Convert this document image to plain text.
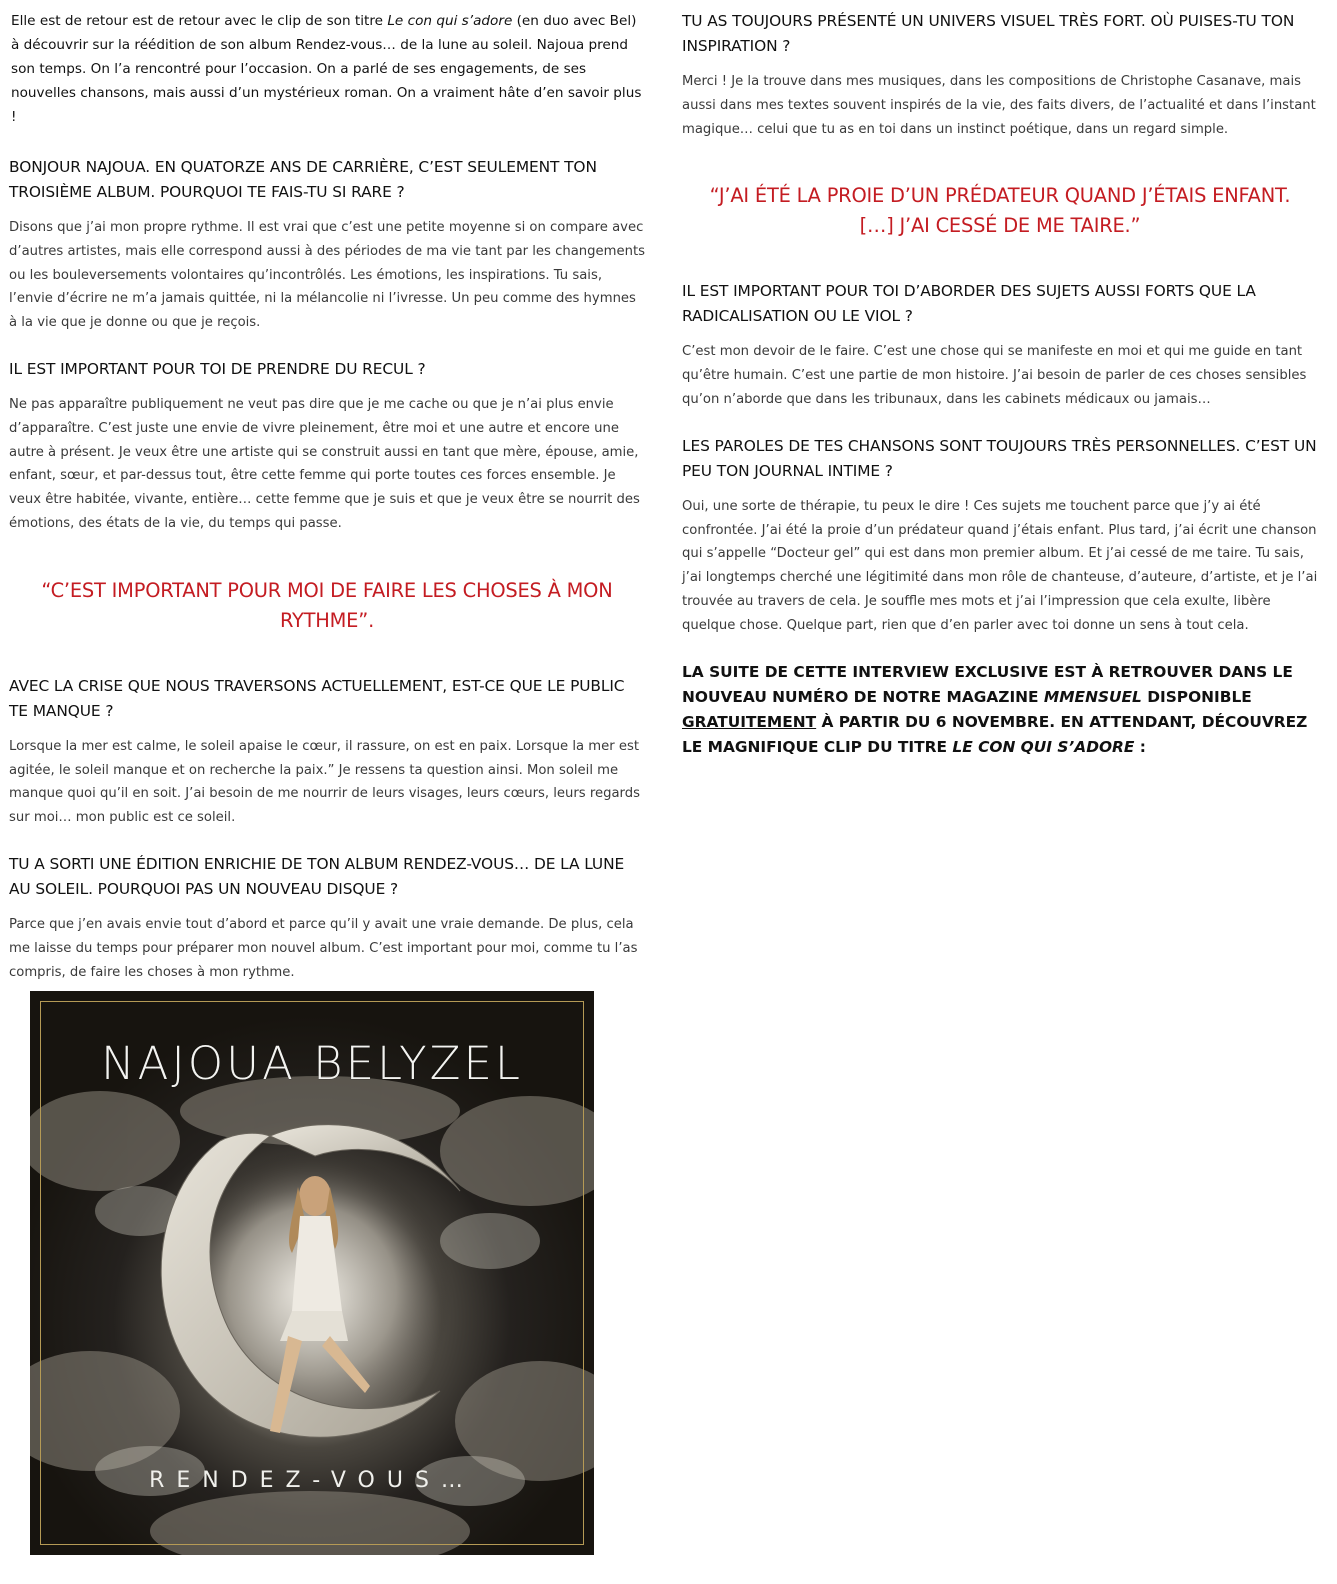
Elle est de retour est de retour avec le clip de son titre Le con qui s’adore (en duo avec Bel) à découvrir sur la réédition de son album Rendez-vous… de la lune au soleil. Najoua prend son temps. On l’a rencontré pour l’occasion. On a parlé de ses engagements, de ses nouvelles chansons, mais aussi d’un mystérieux roman. On a vraiment hâte d’en savoir plus !

BONJOUR NAJOUA. EN QUATORZE ANS DE CARRIÈRE, C’EST SEULEMENT TON TROISIÈME ALBUM. POURQUOI TE FAIS-TU SI RARE ?

Disons que j’ai mon propre rythme. Il est vrai que c’est une petite moyenne si on compare avec d’autres artistes, mais elle correspond aussi à des périodes de ma vie tant par les changements ou les bouleversements volontaires qu’incontrôlés. Les émotions, les inspirations. Tu sais, l’envie d’écrire ne m’a jamais quittée, ni la mélancolie ni l’ivresse. Un peu comme des hymnes à la vie que je donne ou que je reçois.

IL EST IMPORTANT POUR TOI DE PRENDRE DU RECUL ?

Ne pas apparaître publiquement ne veut pas dire que je me cache ou que je n’ai plus envie d’apparaître. C’est juste une envie de vivre pleinement, être moi et une autre et encore une autre à présent. Je veux être une artiste qui se construit aussi en tant que mère, épouse, amie, enfant, sœur, et par-dessus tout, être cette femme qui porte toutes ces forces ensemble. Je veux être habitée, vivante, entière… cette femme que je suis et que je veux être se nourrit des émotions, des états de la vie, du temps qui passe.

“C’EST IMPORTANT POUR MOI DE FAIRE LES CHOSES À MON RYTHME”.
AVEC LA CRISE QUE NOUS TRAVERSONS ACTUELLEMENT, EST-CE QUE LE PUBLIC TE MANQUE ?

Lorsque la mer est calme, le soleil apaise le cœur, il rassure, on est en paix. Lorsque la mer est agitée, le soleil manque et on recherche la paix.” Je ressens ta question ainsi. Mon soleil me manque quoi qu’il en soit. J’ai besoin de me nourrir de leurs visages, leurs cœurs, leurs regards sur moi… mon public est ce soleil.

TU A SORTI UNE ÉDITION ENRICHIE DE TON ALBUM RENDEZ-VOUS… DE LA LUNE AU SOLEIL. POURQUOI PAS UN NOUVEAU DISQUE ?

Parce que j’en avais envie tout d’abord et parce qu’il y avait une vraie demande. De plus, cela me laisse du temps pour préparer mon nouvel album. C’est important pour moi, comme tu l’as compris, de faire les choses à mon rythme.

NAJOUA BELYZEL
RENDEZ-VOUS…
TU AS TOUJOURS PRÉSENTÉ UN UNIVERS VISUEL TRÈS FORT. OÙ PUISES-TU TON INSPIRATION ?

Merci ! Je la trouve dans mes musiques, dans les compositions de Christophe Casanave, mais aussi dans mes textes souvent inspirés de la vie, des faits divers, de l’actualité et dans l’instant magique… celui que tu as en toi dans un instinct poétique, dans un regard simple.

“J’AI ÉTÉ LA PROIE D’UN PRÉDATEUR QUAND J’ÉTAIS ENFANT. […] J’AI CESSÉ DE ME TAIRE.”
IL EST IMPORTANT POUR TOI D’ABORDER DES SUJETS AUSSI FORTS QUE LA RADICALISATION OU LE VIOL ?

C’est mon devoir de le faire. C’est une chose qui se manifeste en moi et qui me guide en tant qu’être humain. C’est une partie de mon histoire. J’ai besoin de parler de ces choses sensibles qu’on n’aborde que dans les tribunaux, dans les cabinets médicaux ou jamais…

LES PAROLES DE TES CHANSONS SONT TOUJOURS TRÈS PERSONNELLES. C’EST UN PEU TON JOURNAL INTIME ?

Oui, une sorte de thérapie, tu peux le dire ! Ces sujets me touchent parce que j’y ai été confrontée. J’ai été la proie d’un prédateur quand j’étais enfant. Plus tard, j’ai écrit une chanson qui s’appelle “Docteur gel” qui est dans mon premier album. Et j’ai cessé de me taire. Tu sais, j’ai longtemps cherché une légitimité dans mon rôle de chanteuse, d’auteure, d’artiste, et je l’ai trouvée au travers de cela. Je souffle mes mots et j’ai l’impression que cela exulte, libère quelque chose. Quelque part, rien que d’en parler avec toi donne un sens à tout cela.

LA SUITE DE CETTE INTERVIEW EXCLUSIVE EST À RETROUVER DANS LE NOUVEAU NUMÉRO DE NOTRE MAGAZINE MMENSUEL DISPONIBLE GRATUITEMENT À PARTIR DU 6 NOVEMBRE. EN ATTENDANT, DÉCOUVREZ LE MAGNIFIQUE CLIP DU TITRE LE CON QUI S’ADORE :
